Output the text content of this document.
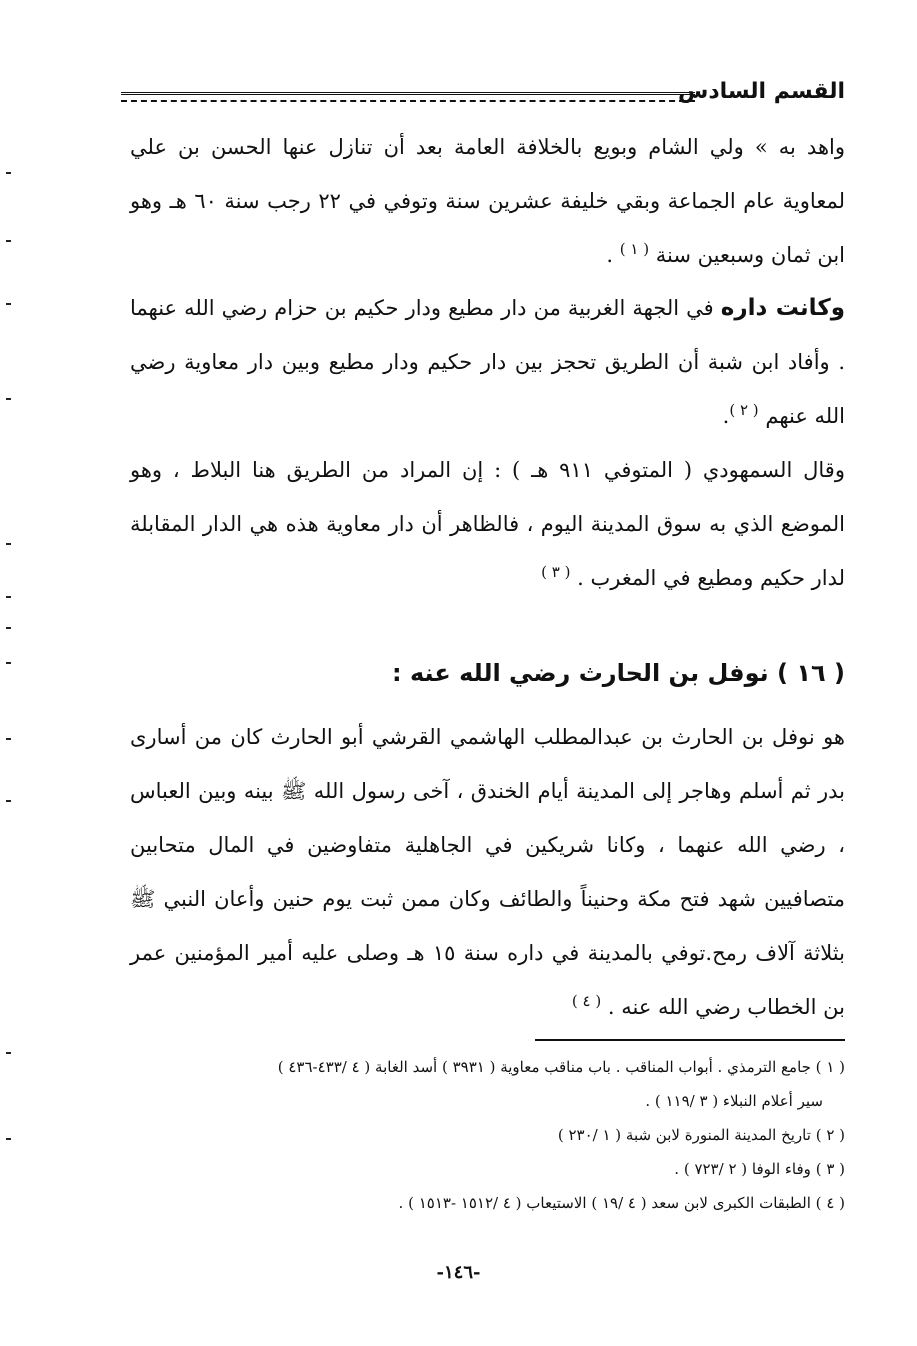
القسم السادس
واهد به » ولي الشام وبويع بالخلافة العامة بعد أن تنازل عنها الحسن بن علي لمعاوية عام الجماعة وبقي خليفة عشرين سنة وتوفي في ٢٢ رجب سنة ٦٠ هـ وهو ابن ثمان وسبعين سنة $^{( ١ )}$ .
وكانت داره في الجهة الغربية من دار مطيع ودار حكيم بن حزام رضي الله عنهما . وأفاد ابن شبة أن الطريق تحجز بين دار حكيم ودار مطيع وبين دار معاوية رضي الله عنهم $^{( ٢ )}$.
وقال السمهودي ( المتوفي ٩١١ هـ ) : إن المراد من الطريق هنا البلاط ، وهو الموضع الذي به سوق المدينة اليوم ، فالظاهر أن دار معاوية هذه هي الدار المقابلة لدار حكيم ومطيع في المغرب . $^{( ٣ )}$
( ١٦ ) نوفل بن الحارث رضي الله عنه :
هو نوفل بن الحارث بن عبدالمطلب الهاشمي القرشي أبو الحارث كان من أسارى بدر ثم أسلم وهاجر إلى المدينة أيام الخندق ، آخى رسول الله ﷺ بينه وبين العباس ، رضي الله عنهما ، وكانا شريكين في الجاهلية متفاوضين في المال متحابين متصافيين شهد فتح مكة وحنيناً والطائف وكان ممن ثبت يوم حنين وأعان النبي ﷺ بثلاثة آلاف رمح.توفي بالمدينة في داره سنة ١٥ هـ وصلى عليه أمير المؤمنين عمر بن الخطاب رضي الله عنه . $^{( ٤ )}$
( ١ ) جامع الترمذي . أبواب المناقب . باب مناقب معاوية ( ٣٩٣١ ) أسد الغابة ( ٤ /٤٣٣-٤٣٦ )
سير أعلام النبلاء ( ٣ /١١٩ ) .
( ٢ ) تاريخ المدينة المنورة لابن شبة ( ١ /٢٣٠ )
( ٣ ) وفاء الوفا ( ٢ /٧٢٣ ) .
( ٤ ) الطبقات الكبرى لابن سعد ( ٤ /١٩ ) الاستيعاب ( ٤ /١٥١٢ -١٥١٣ ) .
-١٤٦-
